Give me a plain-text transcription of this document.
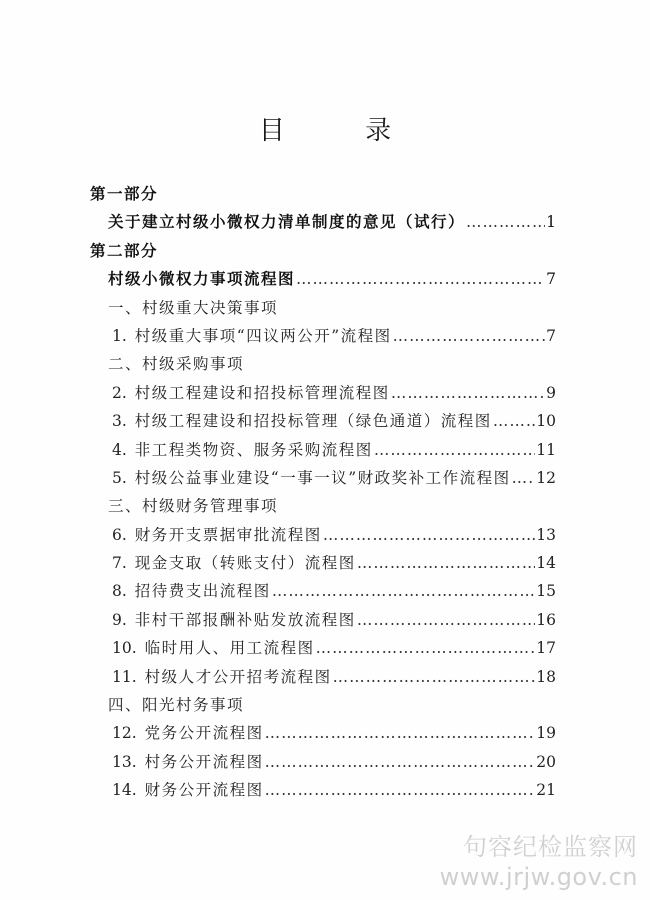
目 录
第一部分
关于建立村级小微权力清单制度的意见（试行） …………………………………………………………………………………………………………………	1
第二部分
村级小微权力事项流程图 …………………………………………………………………………………………………………………	7
一、村级重大决策事项
1. 村级重大事项“四议两公开”流程图 …………………………………………………………………………………………………………………	7
二、村级采购事项
2. 村级工程建设和招投标管理流程图 …………………………………………………………………………………………………………………	9
3. 村级工程建设和招投标管理（绿色通道）流程图 …………………………………………………………………………………………………………………	10
4. 非工程类物资、服务采购流程图 …………………………………………………………………………………………………………………	11
5. 村级公益事业建设“一事一议”财政奖补工作流程图 ………………………………………………………………………………………………………………… 12
三、村级财务管理事项
6. 财务开支票据审批流程图 …………………………………………………………………………………………………………………	13
7. 现金支取（转账支付）流程图 …………………………………………………………………………………………………………………	14
8. 招待费支出流程图 …………………………………………………………………………………………………………………	15
9. 非村干部报酬补贴发放流程图 …………………………………………………………………………………………………………………	16
10. 临时用人、用工流程图 …………………………………………………………………………………………………………………	17
11. 村级人才公开招考流程图 …………………………………………………………………………………………………………………	18
四、阳光村务事项
12. 党务公开流程图 …………………………………………………………………………………………………………………	19
13. 村务公开流程图 …………………………………………………………………………………………………………………	20
14. 财务公开流程图 …………………………………………………………………………………………………………………	21
句容纪检监察网
www.jrjw.gov.cn
